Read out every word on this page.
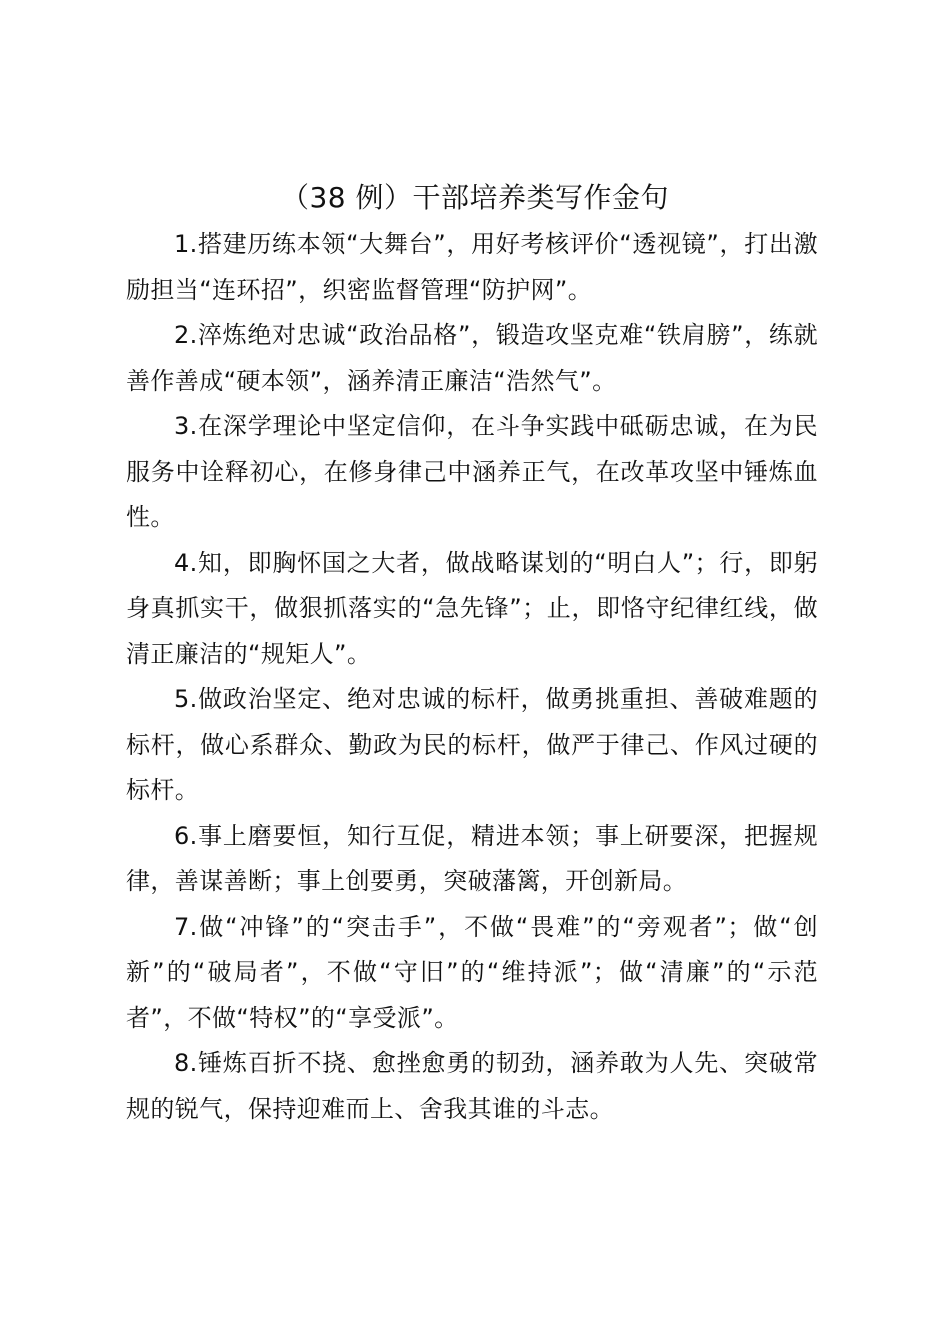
（38 例）干部培养类写作金句

1.搭建历练本领“大舞台”，用好考核评价“透视镜”，打出激励担当“连环招”，织密监督管理“防护网”。

2.淬炼绝对忠诚“政治品格”，锻造攻坚克难“铁肩膀”，练就善作善成“硬本领”，涵养清正廉洁“浩然气”。

3.在深学理论中坚定信仰，在斗争实践中砥砺忠诚，在为民服务中诠释初心，在修身律己中涵养正气，在改革攻坚中锤炼血性。

4.知，即胸怀国之大者，做战略谋划的“明白人”；行，即躬身真抓实干，做狠抓落实的“急先锋”；止，即恪守纪律红线，做清正廉洁的“规矩人”。

5.做政治坚定、绝对忠诚的标杆，做勇挑重担、善破难题的标杆，做心系群众、勤政为民的标杆，做严于律己、作风过硬的标杆。

6.事上磨要恒，知行互促，精进本领；事上研要深，把握规律，善谋善断；事上创要勇，突破藩篱，开创新局。

7.做“冲锋”的“突击手”，不做“畏难”的“旁观者”；做“创新”的“破局者”，不做“守旧”的“维持派”；做“清廉”的“示范者”，不做“特权”的“享受派”。

8.锤炼百折不挠、愈挫愈勇的韧劲，涵养敢为人先、突破常规的锐气，保持迎难而上、舍我其谁的斗志。
